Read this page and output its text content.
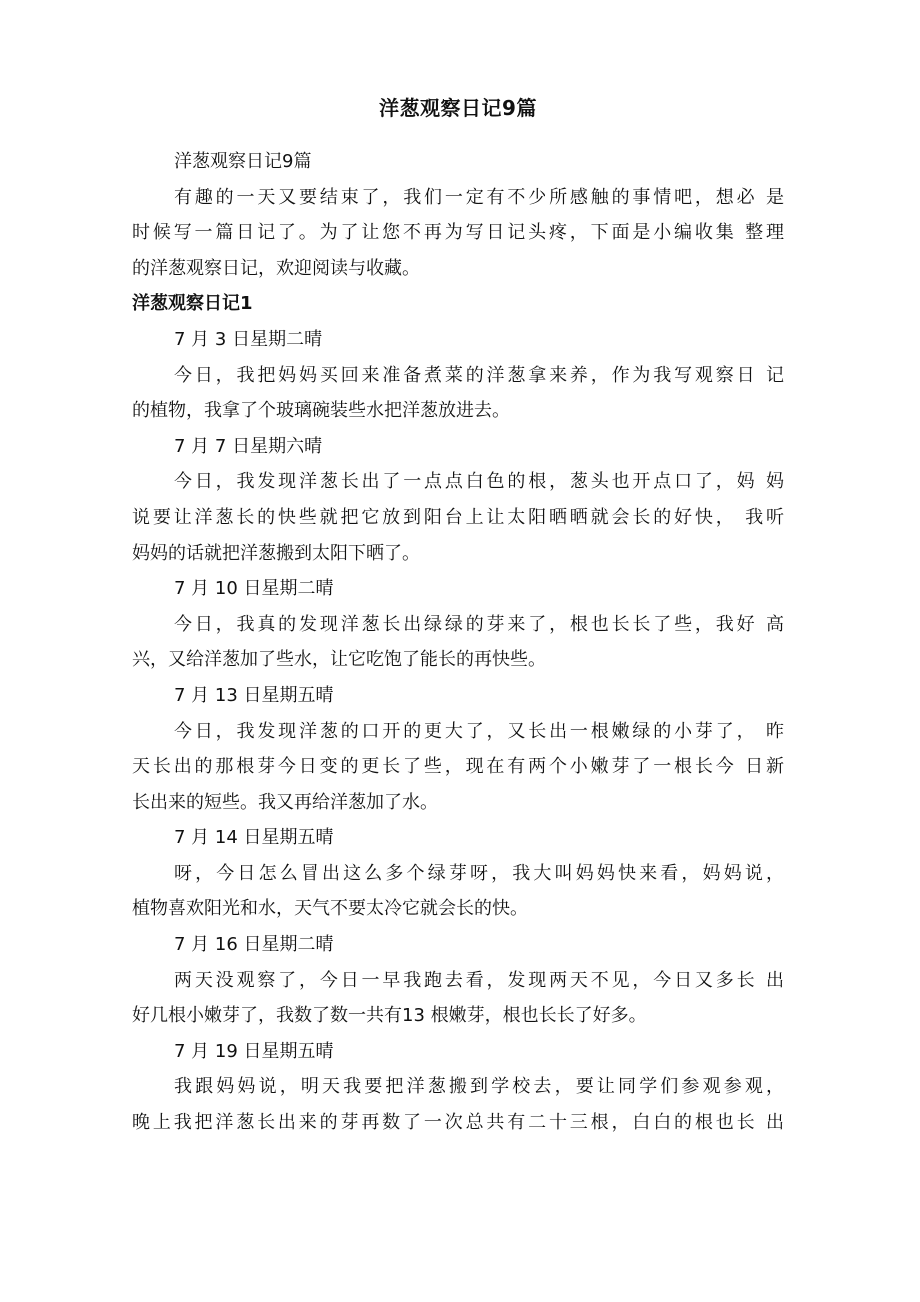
洋葱观察日记9篇

洋葱观察日记9篇

有趣的一天又要结束了，我们一定有不少所感触的事情吧，想必 是

时候写一篇日记了。为了让您不再为写日记头疼，下面是小编收集 整理

的洋葱观察日记，欢迎阅读与收藏。

洋葱观察日记1

7 月 3 日星期二晴

今日，我把妈妈买回来准备煮菜的洋葱拿来养，作为我写观察日 记

的植物，我拿了个玻璃碗装些水把洋葱放进去。

7 月 7 日星期六晴

今日，我发现洋葱长出了一点点白色的根，葱头也开点口了，妈 妈

说要让洋葱长的快些就把它放到阳台上让太阳晒晒就会长的好快， 我听

妈妈的话就把洋葱搬到太阳下晒了。

7 月 10 日星期二晴

今日，我真的发现洋葱长出绿绿的芽来了，根也长长了些，我好 高

兴，又给洋葱加了些水，让它吃饱了能长的再快些。

7 月 13 日星期五晴

今日，我发现洋葱的口开的更大了，又长出一根嫩绿的小芽了， 昨

天长出的那根芽今日变的更长了些，现在有两个小嫩芽了一根长今 日新

长出来的短些。我又再给洋葱加了水。

7 月 14 日星期五晴

呀，今日怎么冒出这么多个绿芽呀，我大叫妈妈快来看，妈妈说，

植物喜欢阳光和水，天气不要太冷它就会长的快。

7 月 16 日星期二晴

两天没观察了，今日一早我跑去看，发现两天不见，今日又多长 出

好几根小嫩芽了，我数了数一共有13 根嫩芽，根也长长了好多。

7 月 19 日星期五晴

我跟妈妈说，明天我要把洋葱搬到学校去，要让同学们参观参观，

晚上我把洋葱长出来的芽再数了一次总共有二十三根，白白的根也长 出
